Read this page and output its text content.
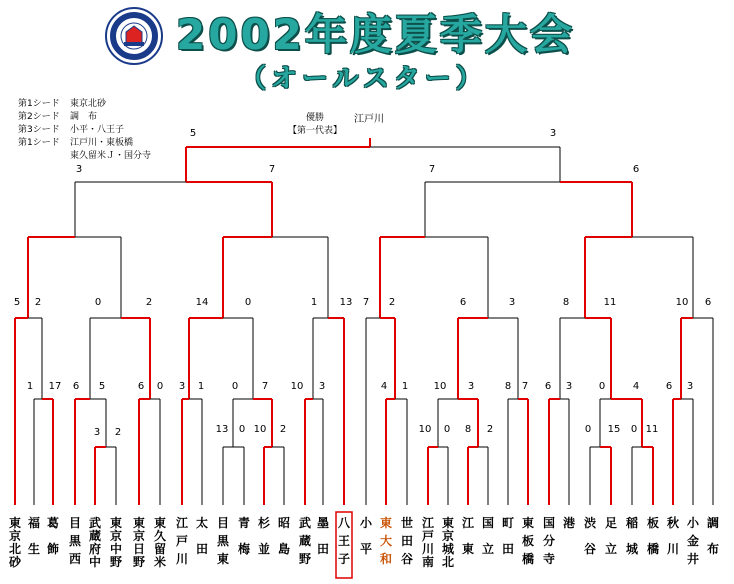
2002年度夏季大会
（オールスター）
第1シード 東京北砂
第2シード 調　布
第3シード 小平・八王子
第1シード 江戸川・東板橋
東久留米Ｊ・国分寺
優勝
【第一代表】
江戸川
5	3
3	7	7	6
5 2	0	2	14	0	1 13 7 2	6	3	8	11	10 6
1 17 6 5	6 0 3 1	0 7 10 3	4 1	10 3	8 7 6 3	0	4	6 3
3 2	13 0 10 2	10 0 8 2	0 15 0 11
東
京
北
砂
福
生
葛
飾
目
黒
西
武
蔵
府
中
東
京
中
野
東
京
日
野
東
久
留
米
江
戸
川
太
田
目
黒
東
青
梅
杉
並
昭
島
武
蔵
野
墨
田
八
王
子
小
平
東
大
和
世
田
谷
江
戸
川
南
東
京
城
北
江
東
国
立
町
田
東
板
橋
国
分
寺
港 渋
谷
足
立
稲
城
板
橋
秋
川
小
金
井
調
布
